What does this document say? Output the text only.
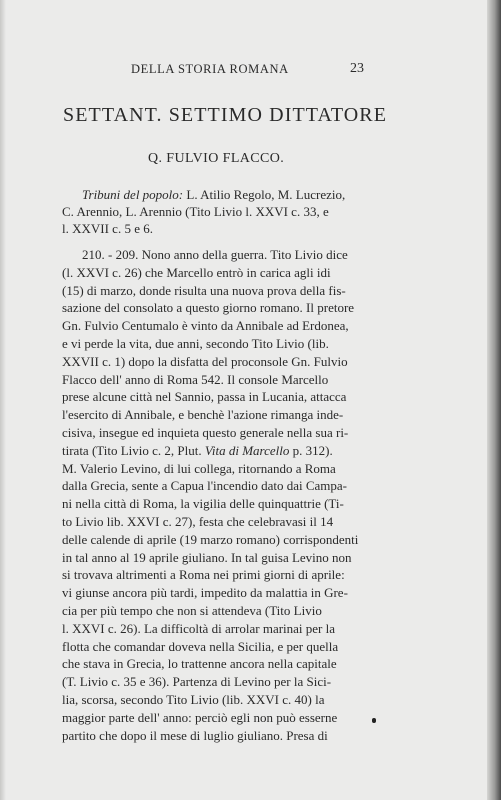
DELLA STORIA ROMANA	23
SETTANT. SETTIMO DITTATORE
Q. FULVIO FLACCO.

Tribuni del popolo: L. Atilio Regolo, M. Lucrezio,

C. Arennio, L. Arennio (Tito Livio l. XXVI c. 33, e

l. XXVII c. 5 e 6.

210. - 209. Nono anno della guerra. Tito Livio dice

(l. XXVI c. 26) che Marcello entrò in carica agli idi

(15) di marzo, donde risulta una nuova prova della fis-

sazione del consolato a questo giorno romano. Il pretore

Gn. Fulvio Centumalo è vinto da Annibale ad Erdonea,

e vi perde la vita, due anni, secondo Tito Livio (lib.

XXVII c. 1) dopo la disfatta del proconsole Gn. Fulvio

Flacco dell' anno di Roma 542. Il console Marcello

prese alcune città nel Sannio, passa in Lucania, attacca

l'esercito di Annibale, e benchè l'azione rimanga inde-

cisiva, insegue ed inquieta questo generale nella sua ri-

tirata (Tito Livio c. 2, Plut. Vita di Marcello p. 312).

M. Valerio Levino, di lui collega, ritornando a Roma

dalla Grecia, sente a Capua l'incendio dato dai Campa-

ni nella città di Roma, la vigilia delle quinquattrie (Ti-

to Livio lib. XXVI c. 27), festa che celebravasi il 14

delle calende di aprile (19 marzo romano) corrispondenti

in tal anno al 19 aprile giuliano. In tal guisa Levino non

si trovava altrimenti a Roma nei primi giorni di aprile:

vi giunse ancora più tardi, impedito da malattia in Gre-

cia per più tempo che non si attendeva (Tito Livio

l. XXVI c. 26). La difficoltà di arrolar marinai per la

flotta che comandar doveva nella Sicilia, e per quella

che stava in Grecia, lo trattenne ancora nella capitale

(T. Livio c. 35 e 36). Partenza di Levino per la Sici-

lia, scorsa, secondo Tito Livio (lib. XXVI c. 40) la

maggior parte dell' anno: perciò egli non può esserne

partito che dopo il mese di luglio giuliano. Presa di
